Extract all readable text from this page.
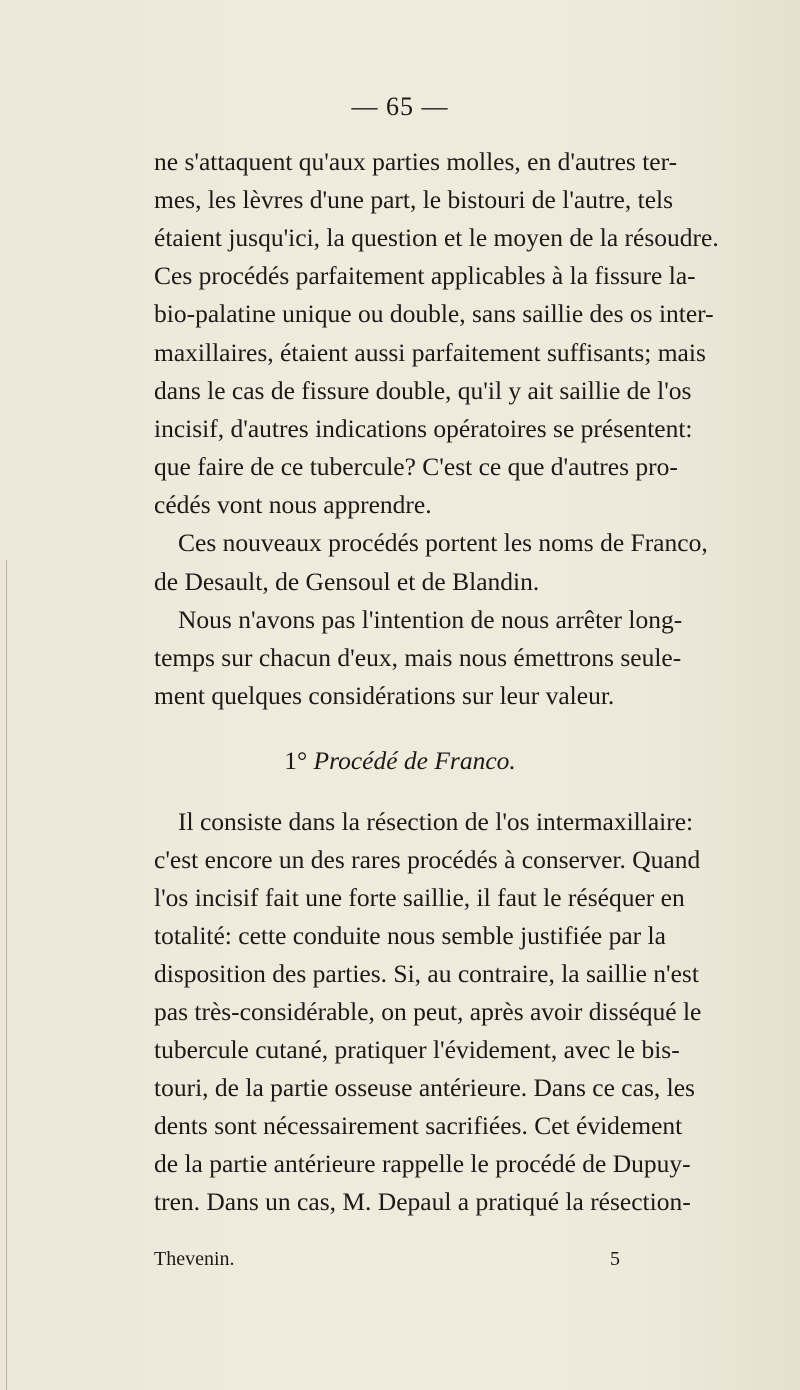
— 65 —
ne s'attaquent qu'aux parties molles, en d'autres ter-
mes, les lèvres d'une part, le bistouri de l'autre, tels
étaient jusqu'ici, la question et le moyen de la résoudre.
Ces procédés parfaitement applicables à la fissure la-
bio-palatine unique ou double, sans saillie des os inter-
maxillaires, étaient aussi parfaitement suffisants; mais
dans le cas de fissure double, qu'il y ait saillie de l'os
incisif, d'autres indications opératoires se présentent:
que faire de ce tubercule? C'est ce que d'autres pro-
cédés vont nous apprendre.
Ces nouveaux procédés portent les noms de Franco,
de Desault, de Gensoul et de Blandin.
Nous n'avons pas l'intention de nous arrêter long-
temps sur chacun d'eux, mais nous émettrons seule-
ment quelques considérations sur leur valeur.
1° Procédé de Franco.
Il consiste dans la résection de l'os intermaxillaire:
c'est encore un des rares procédés à conserver. Quand
l'os incisif fait une forte saillie, il faut le réséquer en
totalité: cette conduite nous semble justifiée par la
disposition des parties. Si, au contraire, la saillie n'est
pas très-considérable, on peut, après avoir disséqué le
tubercule cutané, pratiquer l'évidement, avec le bis-
touri, de la partie osseuse antérieure. Dans ce cas, les
dents sont nécessairement sacrifiées. Cet évidement
Thevenin.	5
de la partie antérieure rappelle le procédé de Dupuy-
tren. Dans un cas, M. Depaul a pratiqué la résection-
